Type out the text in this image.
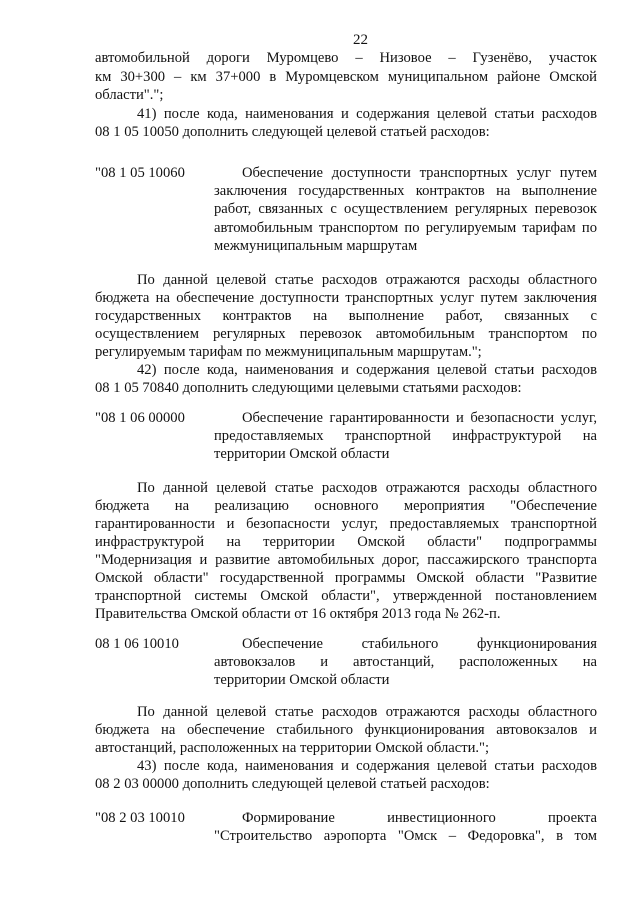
22
автомобильной дороги Муромцево – Низовое – Гузенёво, участок
км 30+300 – км 37+000 в Муромцевском муниципальном районе Омской
области".";
41) после кода, наименования и содержания целевой статьи расходов
08 1 05 10050 дополнить следующей целевой статьей расходов:
"08 1 05 10060	Обеспечение доступности транспортных услуг путем
заключения государственных контрактов на выполнение
работ, связанных с осуществлением регулярных перевозок
автомобильным транспортом по регулируемым тарифам по
межмуниципальным маршрутам
По данной целевой статье расходов отражаются расходы областного
бюджета на обеспечение доступности транспортных услуг путем заключения
государственных контрактов на выполнение работ, связанных с
осуществлением регулярных перевозок автомобильным транспортом по
регулируемым тарифам по межмуниципальным маршрутам.";
42) после кода, наименования и содержания целевой статьи расходов
08 1 05 70840 дополнить следующими целевыми статьями расходов:
"08 1 06 00000	Обеспечение гарантированности и безопасности услуг,
предоставляемых транспортной инфраструктурой на
территории Омской области
По данной целевой статье расходов отражаются расходы областного
бюджета на реализацию основного мероприятия "Обеспечение
гарантированности и безопасности услуг, предоставляемых транспортной
инфраструктурой на территории Омской области" подпрограммы
"Модернизация и развитие автомобильных дорог, пассажирского транспорта
Омской области" государственной программы Омской области "Развитие
транспортной системы Омской области", утвержденной постановлением
Правительства Омской области от 16 октября 2013 года № 262-п.
08 1 06 10010	Обеспечение стабильного функционирования
автовокзалов и автостанций, расположенных на
территории Омской области
По данной целевой статье расходов отражаются расходы областного
бюджета на обеспечение стабильного функционирования автовокзалов и
автостанций, расположенных на территории Омской области.";
43) после кода, наименования и содержания целевой статьи расходов
08 2 03 00000 дополнить следующей целевой статьей расходов:
"08 2 03 10010	Формирование инвестиционного проекта
"Строительство аэропорта "Омск – Федоровка", в том
